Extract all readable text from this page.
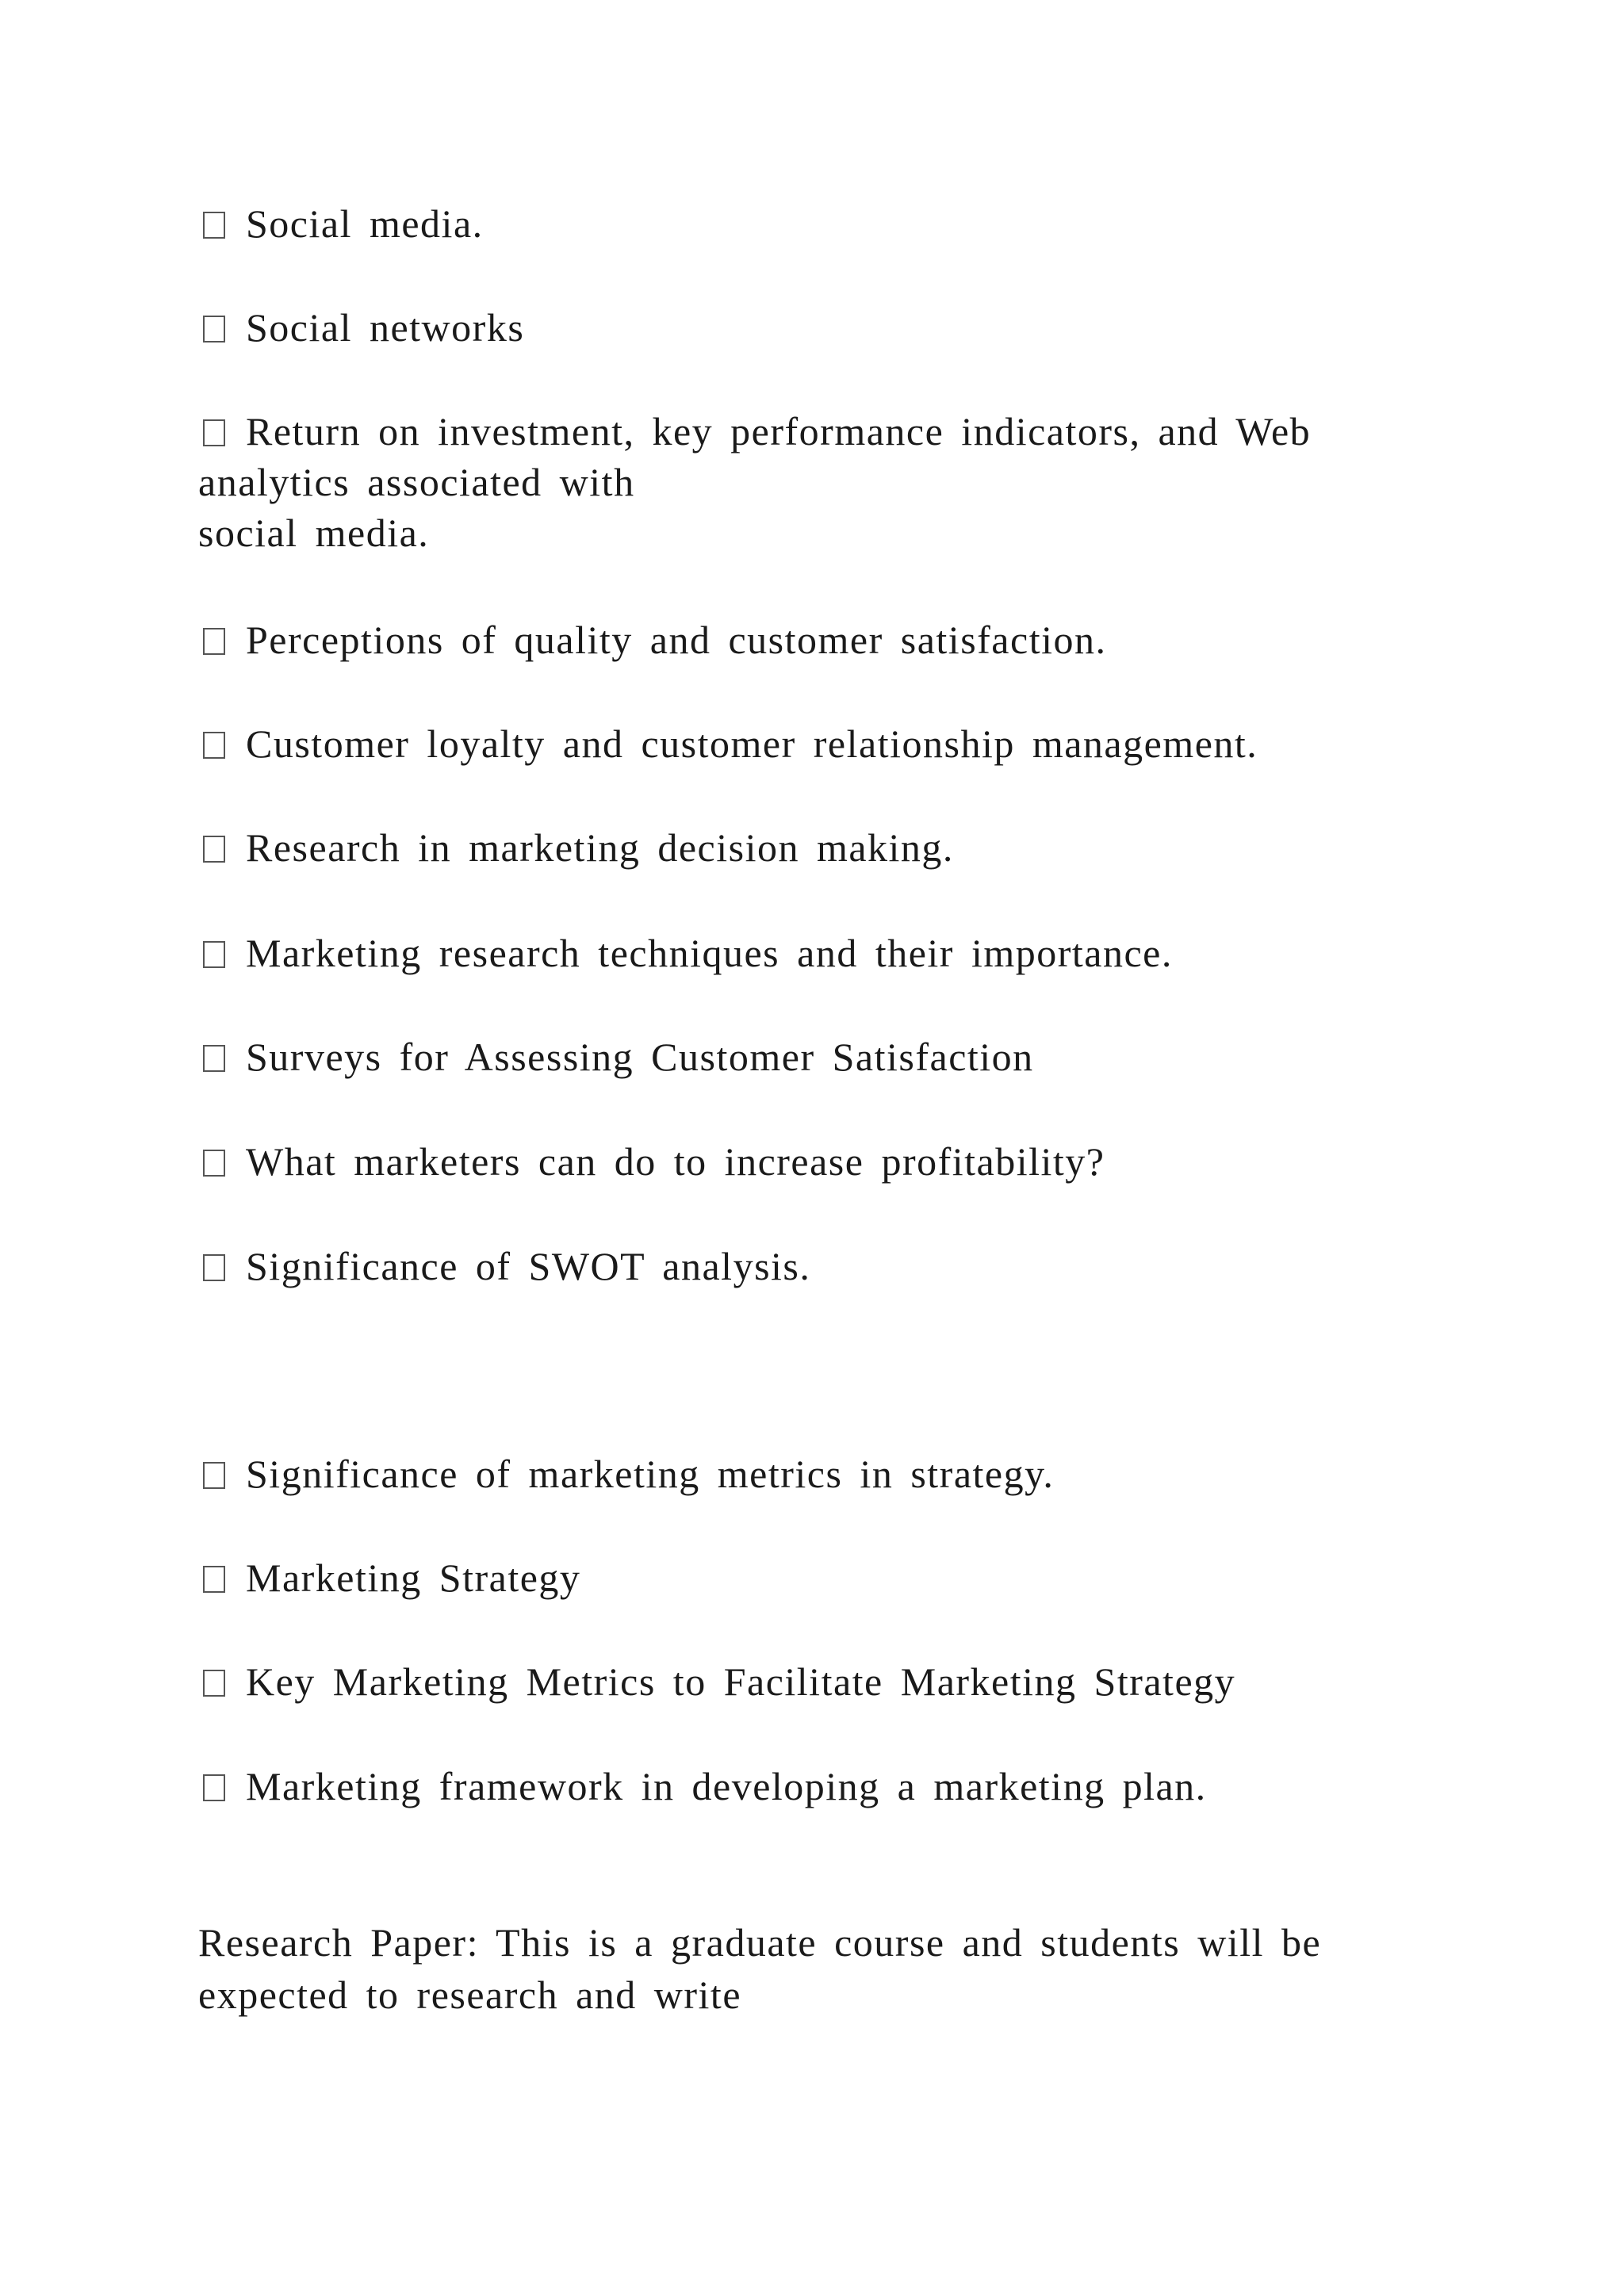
Social media.
Social networks
Return on investment, key performance indicators, and Web
analytics associated with
social media.
Perceptions of quality and customer satisfaction.
Customer loyalty and customer relationship management.
Research in marketing decision making.
Marketing research techniques and their importance.
Surveys for Assessing Customer Satisfaction
What marketers can do to increase profitability?
Significance of SWOT analysis.
Significance of marketing metrics in strategy.
Marketing Strategy
Key Marketing Metrics to Facilitate Marketing Strategy
Marketing framework in developing a marketing plan.
Research Paper: This is a graduate course and students will be
expected to research and write
